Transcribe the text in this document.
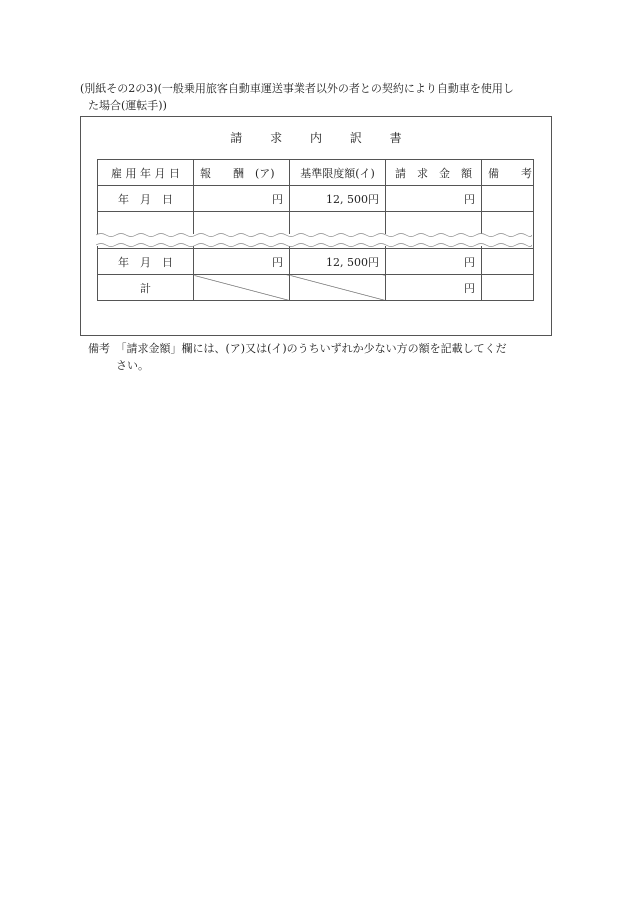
(別紙その2の3)(一般乗用旅客自動車運送事業者以外の者との契約により自動車を使用し
た場合(運転手))
請 求 内 訳 書
雇 用 年 月 日	報　　酬　(ア)	基準限度額(イ)	請　求　金　額	備　　考
年　月　日	円	12, 500円	円	

年　月　日	円	12, 500円	円	
計			円	
備考　「請求金額」欄には、(ア)又は(イ)のうちいずれか少ない方の額を記載してくだ
さい。
